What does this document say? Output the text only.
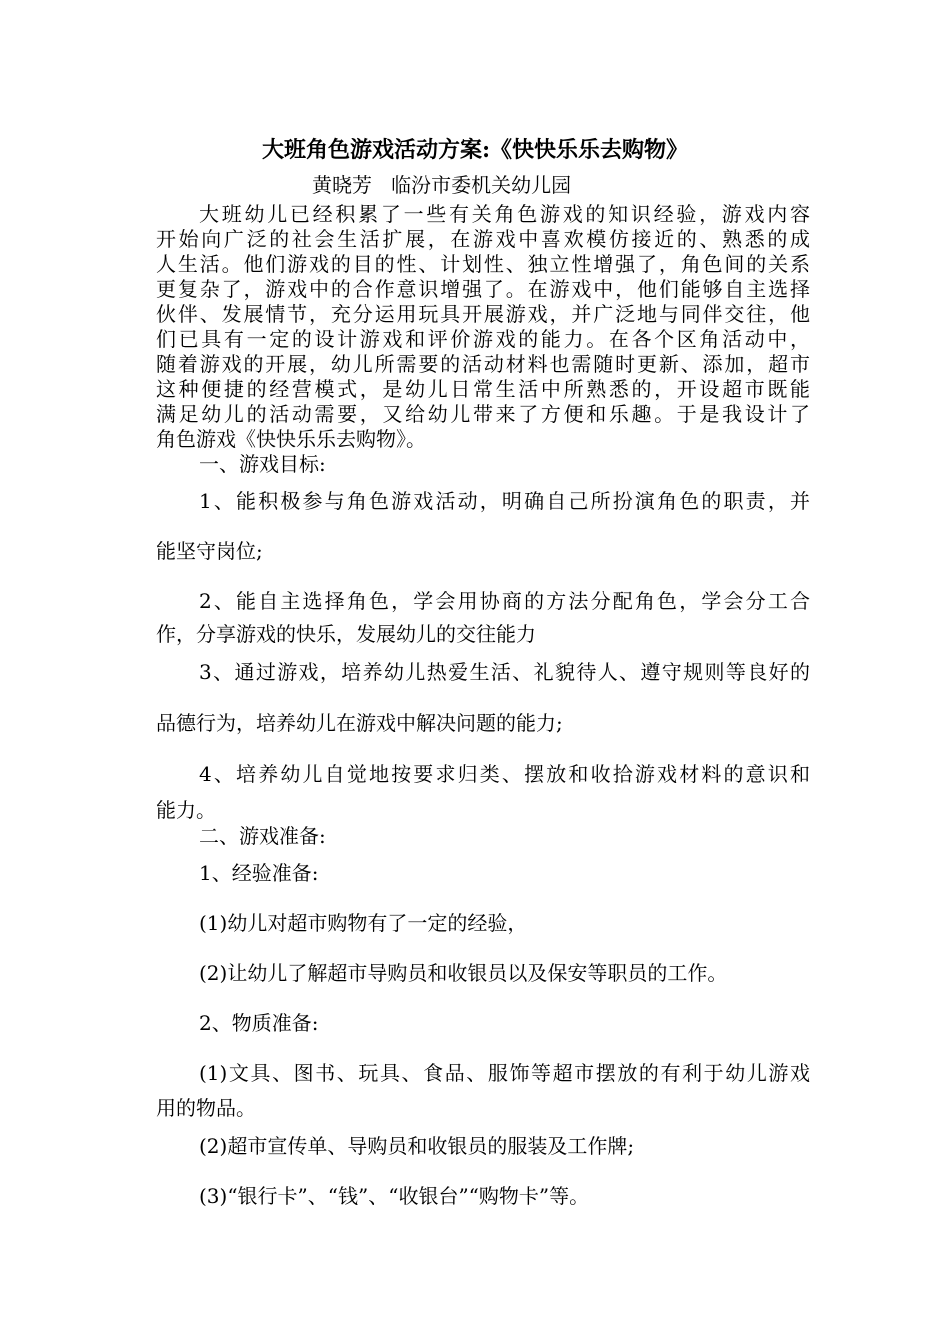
大班角色游戏活动方案:《快快乐乐去购物》
黄晓芳   临汾市委机关幼儿园
大班幼儿已经积累了一些有关角色游戏的知识经验，游戏内容
开始向广泛的社会生活扩展，在游戏中喜欢模仿接近的、熟悉的成
人生活。他们游戏的目的性、计划性、独立性增强了，角色间的关系
更复杂了，游戏中的合作意识增强了。在游戏中，他们能够自主选择
伙伴、发展情节，充分运用玩具开展游戏，并广泛地与同伴交往，他
们已具有一定的设计游戏和评价游戏的能力。在各个区角活动中，
随着游戏的开展，幼儿所需要的活动材料也需随时更新、添加，超市
这种便捷的经营模式，是幼儿日常生活中所熟悉的，开设超市既能
满足幼儿的活动需要，又给幼儿带来了方便和乐趣。于是我设计了
角色游戏《快快乐乐去购物》。
一、游戏目标:
1、能积极参与角色游戏活动，明确自己所扮演角色的职责，并
能坚守岗位;
2、能自主选择角色，学会用协商的方法分配角色，学会分工合
作，分享游戏的快乐，发展幼儿的交往能力
3、通过游戏，培养幼儿热爱生活、礼貌待人、遵守规则等良好的
品德行为，培养幼儿在游戏中解决问题的能力;
4、培养幼儿自觉地按要求归类、摆放和收拾游戏材料的意识和
能力。
二、游戏准备:
1、经验准备:
(1)幼儿对超市购物有了一定的经验，
(2)让幼儿了解超市导购员和收银员以及保安等职员的工作。
2、物质准备:
(1)文具、图书、玩具、食品、服饰等超市摆放的有利于幼儿游戏
用的物品。
(2)超市宣传单、导购员和收银员的服装及工作牌;
(3)“银行卡”、“钱”、“收银台”“购物卡”等。
